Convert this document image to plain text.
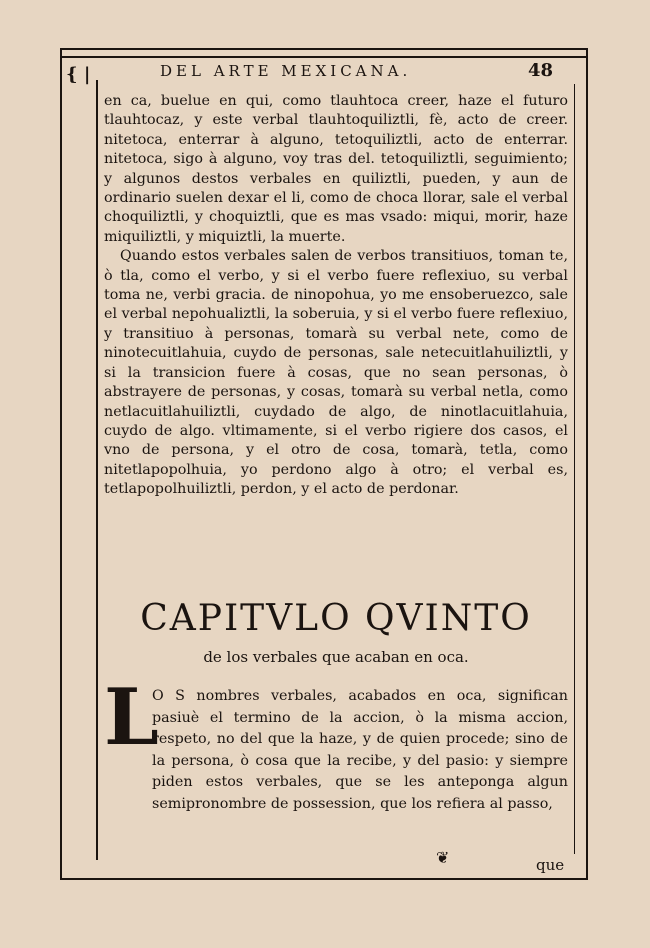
{ |	DEL ARTE MEXICANA.	48

en ca, buelue en qui, como tlauhtoca creer, haze el futuro tlauhtocaz, y este verbal tlauhtoquiliztli, fè, acto de creer. nitetoca, enterrar à alguno, tetoquiliztli, acto de enterrar. nitetoca, sigo à alguno, voy tras del. tetoquiliztli, seguimiento; y algunos destos verbales en quiliztli, pueden, y aun de ordinario suelen dexar el li, como de choca llorar, sale el verbal choquiliztli, y choquiztli, que es mas vsado: miqui, morir, haze miquiliztli, y miquiztli, la muerte.

Quando estos verbales salen de verbos transitiuos, toman te, ò tla, como el verbo, y si el verbo fuere reflexiuo, su verbal toma ne, verbi gracia. de ninopohua, yo me ensoberuezco, sale el verbal nepohualiztli, la soberuia, y si el verbo fuere reflexiuo, y transitiuo à personas, tomarà su verbal nete, como de ninotecuitlahuia, cuydo de personas, sale netecuitlahuiliztli, y si la transicion fuere à cosas, que no sean personas, ò abstrayere de personas, y cosas, tomarà su verbal netla, como netlacuitlahuiliztli, cuydado de algo, de ninotlacuitlahuia, cuydo de algo. vltimamente, si el verbo rigiere dos casos, el vno de persona, y el otro de cosa, tomarà, tetla, como nitetlapopolhuia, yo perdono algo à otro; el verbal es, tetlapopolhuiliztli, perdon, y el acto de perdonar.

CAPITVLO QVINTO
de los verbales que acaban en oca.
L
O S nombres verbales, acabados en oca, significan pasiuè el termino de la accion, ò la misma accion, respeto, no del que la haze, y de quien procede; sino de la persona, ò cosa que la recibe, y del pasio: y siempre piden estos verbales, que se les anteponga algun semipronombre de possession, que los refiera al passo,
❦	que
